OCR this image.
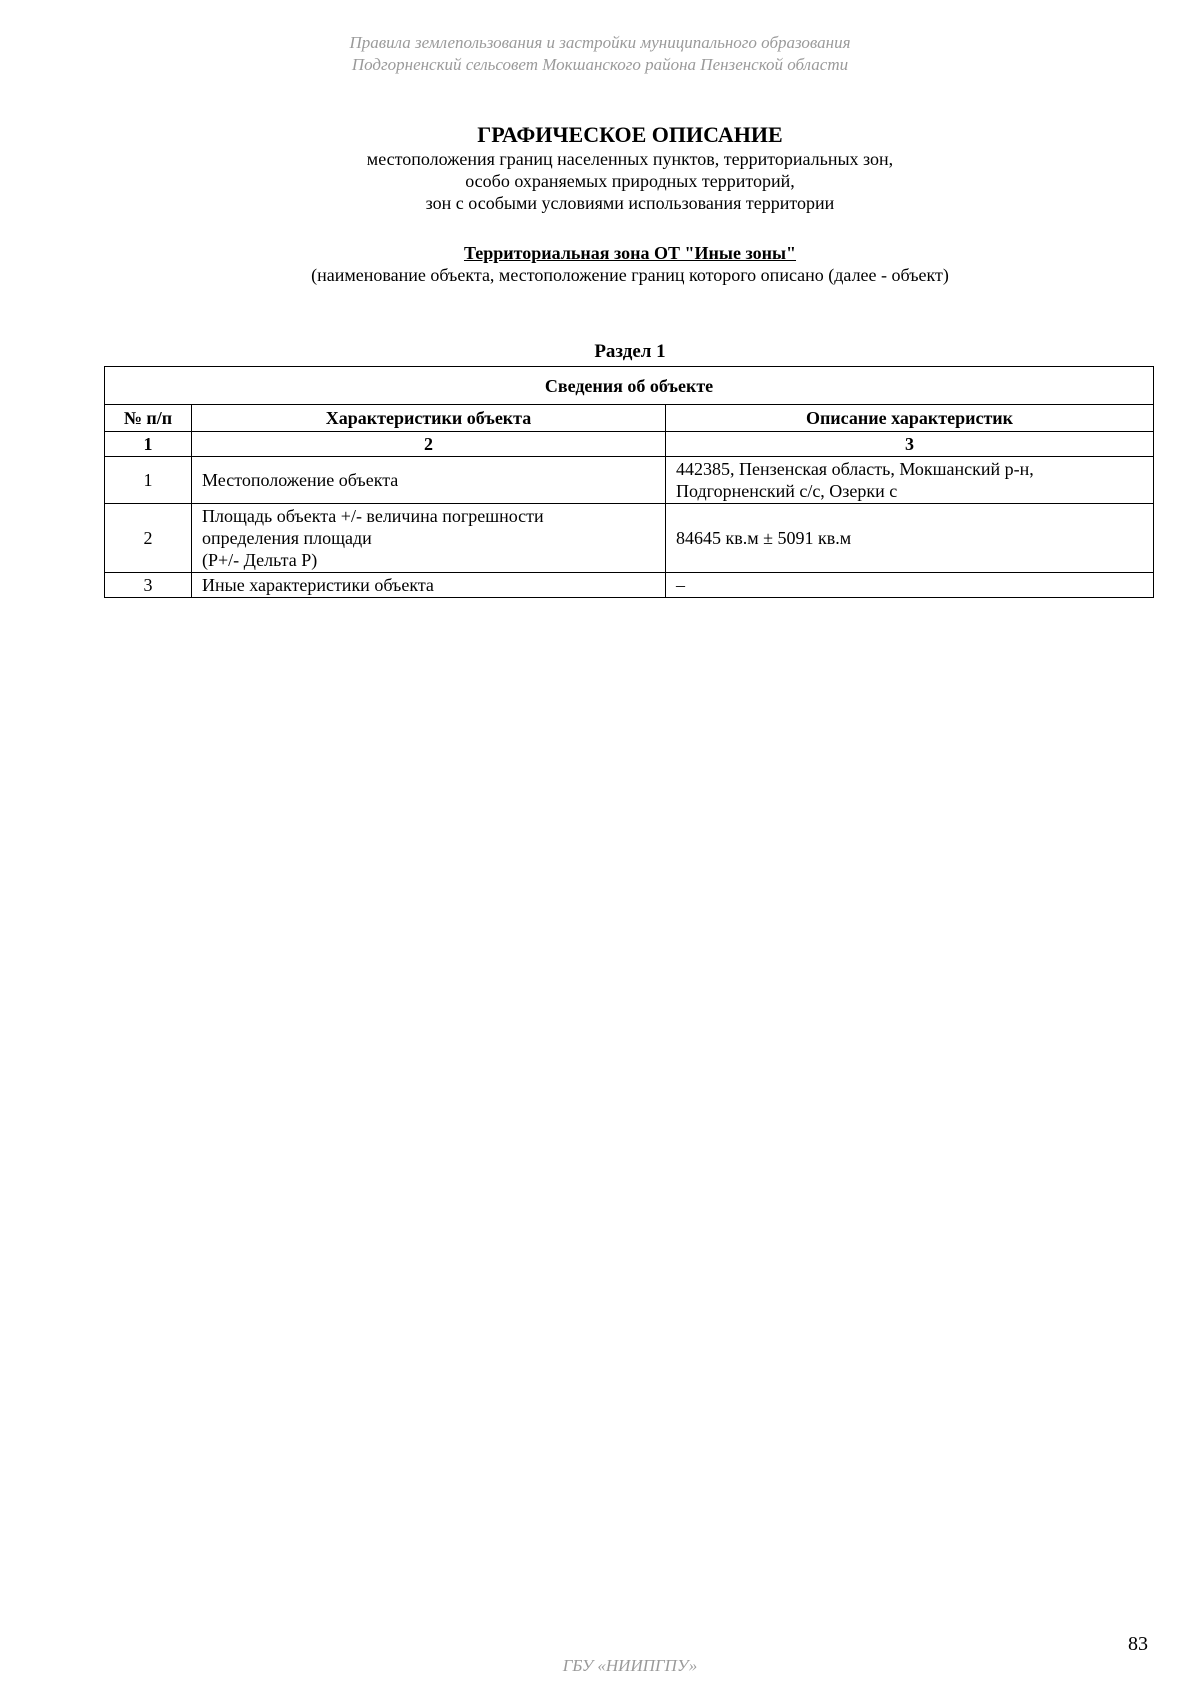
Правила землепользования и застройки муниципального образования
Подгорненский сельсовет Мокшанского района Пензенской области
ГРАФИЧЕСКОЕ ОПИСАНИЕ
местоположения границ населенных пунктов, территориальных зон,
особо охраняемых природных территорий,
зон с особыми условиями использования территории
Территориальная зона ОТ "Иные зоны"
(наименование объекта, местоположение границ которого описано (далее - объект)
Раздел 1
Сведения об объекте		
№ п/п	Характеристики объекта	Описание характеристик
1	2	3
1	Местоположение объекта	442385, Пензенская область, Мокшанский р-н,
Подгорненский с/с, Озерки с

2	Площадь объекта +/- величина погрешности
определения площади
(Р+/- Дельта Р)	84645 кв.м ± 5091 кв.м

3	Иные характеристики объекта	–
83
ГБУ «НИИПГПУ»
